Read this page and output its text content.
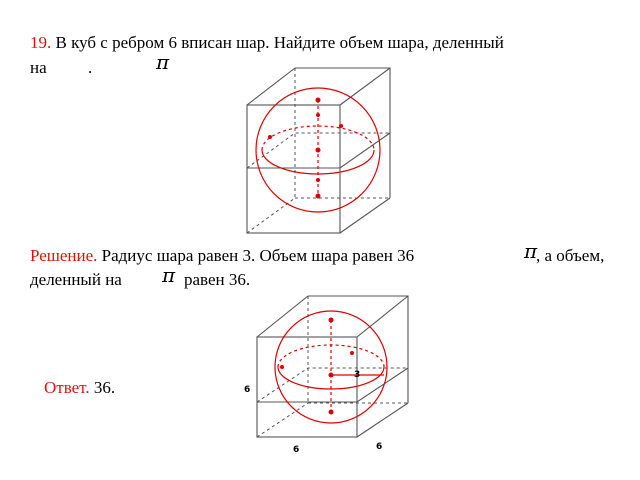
19. В куб с ребром 6 вписан шар. Найдите объем шара, деленный
на .	π
Решение. Радиус шара равен 3. Объем шара равен 36	π
, а объем,
деленный на π равен 36.
Ответ. 36.
3
6
6	6
